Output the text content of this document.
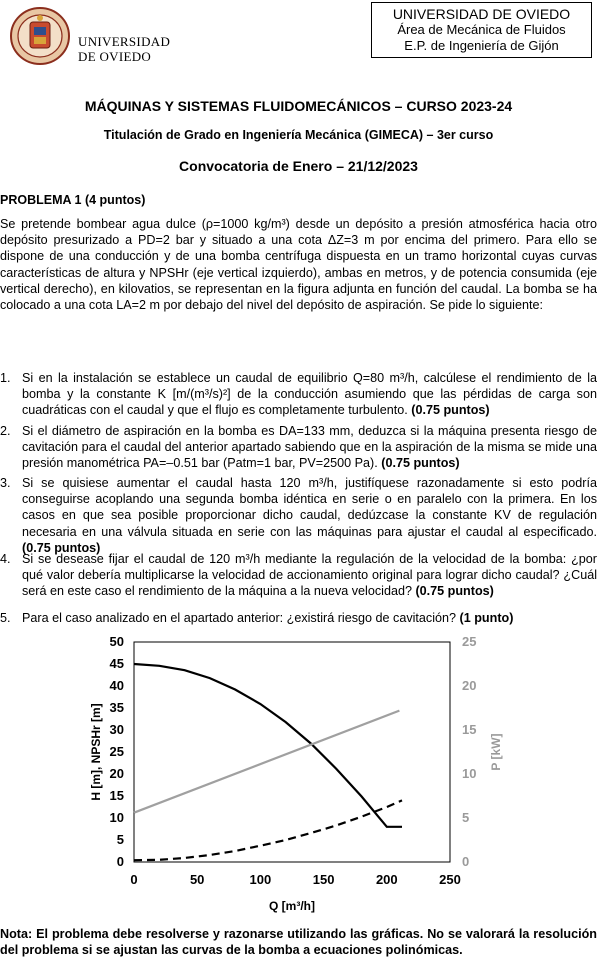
UNIVERSIDAD
DE OVIEDO
UNIVERSIDAD DE OVIEDO
Área de Mecánica de Fluidos
E.P. de Ingeniería de Gijón
MÁQUINAS Y SISTEMAS FLUIDOMECÁNICOS – CURSO 2023-24
Titulación de Grado en Ingeniería Mecánica (GIMECA) – 3er curso
Convocatoria de Enero – 21/12/2023
PROBLEMA 1 (4 puntos)
Se pretende bombear agua dulce (ρ=1000 kg/m³) desde un depósito a presión atmosférica hacia otro depósito presurizado a PD=2 bar y situado a una cota ΔZ=3 m por encima del primero. Para ello se dispone de una conducción y de una bomba centrífuga dispuesta en un tramo horizontal cuyas curvas características de altura y NPSHr (eje vertical izquierdo), ambas en metros, y de potencia consumida (eje vertical derecho), en kilovatios, se representan en la figura adjunta en función del caudal. La bomba se ha colocado a una cota LA=2 m por debajo del nivel del depósito de aspiración. Se pide lo siguiente:
1. Si en la instalación se establece un caudal de equilibrio Q=80 m³/h, calcúlese el rendimiento de la bomba y la constante K [m/(m³/s)²] de la conducción asumiendo que las pérdidas de carga son cuadráticas con el caudal y que el flujo es completamente turbulento. (0.75 puntos)
2. Si el diámetro de aspiración en la bomba es DA=133 mm, deduzca si la máquina presenta riesgo de cavitación para el caudal del anterior apartado sabiendo que en la aspiración de la misma se mide una presión manométrica PA=–0.51 bar (Patm=1 bar, PV=2500 Pa). (0.75 puntos)
3. Si se quisiese aumentar el caudal hasta 120 m³/h, justifíquese razonadamente si esto podría conseguirse acoplando una segunda bomba idéntica en serie o en paralelo con la primera. En los casos en que sea posible proporcionar dicho caudal, dedúzcase la constante KV de regulación necesaria en una válvula situada en serie con las máquinas para ajustar el caudal al especificado. (0.75 puntos)
4. Si se desease fijar el caudal de 120 m³/h mediante la regulación de la velocidad de la bomba: ¿por qué valor debería multiplicarse la velocidad de accionamiento original para lograr dicho caudal? ¿Cuál será en este caso el rendimiento de la máquina a la nueva velocidad? (0.75 puntos)
5. Para el caso analizado en el apartado anterior: ¿existirá riesgo de cavitación? (1 punto)
0
5
10
15
20
25
30
35
40
45
50
0
5
10
15
20
25
0	50	100	150	200	250
Q [m³/h]
H [m], NPSHr [m]	P [kW]
Nota: El problema debe resolverse y razonarse utilizando las gráficas. No se valorará la resolución del problema si se ajustan las curvas de la bomba a ecuaciones polinómicas.
